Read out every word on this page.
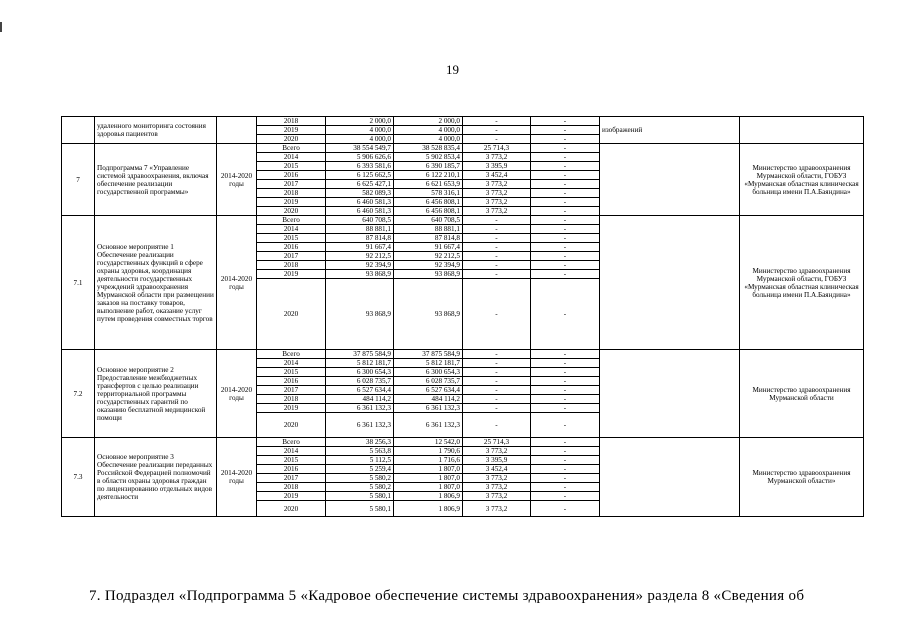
19
	удаленного мониторинга состояния здоровья пациентов		2018	2 000,0	2 000,0	-	-	изображений	
			2019	4 000,0	4 000,0	-	-		
			2020	4 000,0	4 000,0	-	-		
7	Подпрограмма 7 «Управление системой здравоохранения, включая обеспечение реализации государственной программы»	2014-2020 годы	Всего	38 554 549,7	38 528 835,4	25 714,3	-		Министерство здравоохранения Мурманской области, ГОБУЗ «Мурманская областная клиническая больница имени П.А.Баяндина»
			2014	5 906 626,6	5 902 853,4	3 773,2	-		
			2015	6 393 581,6	6 390 185,7	3 395,9	-		
			2016	6 125 662,5	6 122 210,1	3 452,4	-		
			2017	6 625 427,1	6 621 653,9	3 773,2	-		
			2018	582 089,3	578 316,1	3 773,2	-		
			2019	6 460 581,3	6 456 808,1	3 773,2	-		
			2020	6 460 581,3	6 456 808,1	3 773,2	-		
7.1	Основное мероприятие 1 Обеспечение реализации государственных функций в сфере охраны здоровья, координация деятельности государственных учреждений здравоохранения Мурманской области при размещении заказов на поставку товаров, выполнение работ, оказание услуг путем проведения совместных торгов	2014-2020 годы	Всего	640 708,5	640 708,5	-	-		Министерство здравоохранения Мурманской области, ГОБУЗ «Мурманская областная клиническая больница имени П.А.Баяндина»
			2014	88 881,1	88 881,1	-	-		
			2015	87 814,8	87 814,8	-	-		
			2016	91 667,4	91 667,4	-	-		
			2017	92 212,5	92 212,5	-	-		
			2018	92 394,9	92 394,9	-	-		
			2019	93 868,9	93 868,9	-	-		
			2020	93 868,9	93 868,9	-	-		
7.2	Основное мероприятие 2 Предоставление межбюджетных трансфертов с целью реализации территориальной программы государственных гарантий по оказанию бесплатной медицинской помощи	2014-2020 годы	Всего	37 875 584,9	37 875 584,9	-	-		Министерство здравоохранения Мурманской области
			2014	5 812 181,7	5 812 181,7	-	-		
			2015	6 300 654,3	6 300 654,3	-	-		
			2016	6 028 735,7	6 028 735,7	-	-		
			2017	6 527 634,4	6 527 634,4	-	-		
			2018	484 114,2	484 114,2	-	-		
			2019	6 361 132,3	6 361 132,3	-	-		
			2020	6 361 132,3	6 361 132,3	-	-		
7.3	Основное мероприятие 3 Обеспечение реализации переданных Российской Федерацией полномочий в области охраны здоровья граждан по лицензированию отдельных видов деятельности	2014-2020 годы	Всего	38 256,3	12 542,0	25 714,3	-		Министерство здравоохранения Мурманской области»
			2014	5 563,8	1 790,6	3 773,2	-		
			2015	5 112,5	1 716,6	3 395,9	-		
			2016	5 259,4	1 807,0	3 452,4	-		
			2017	5 580,2	1 807,0	3 773,2	-		
			2018	5 580,2	1 807,0	3 773,2	-		
			2019	5 580,1	1 806,9	3 773,2	-		
			2020	5 580,1	1 806,9	3 773,2	-		
7. Подраздел «Подпрограмма 5 «Кадровое обеспечение системы здравоохранения» раздела 8 «Сведения об
